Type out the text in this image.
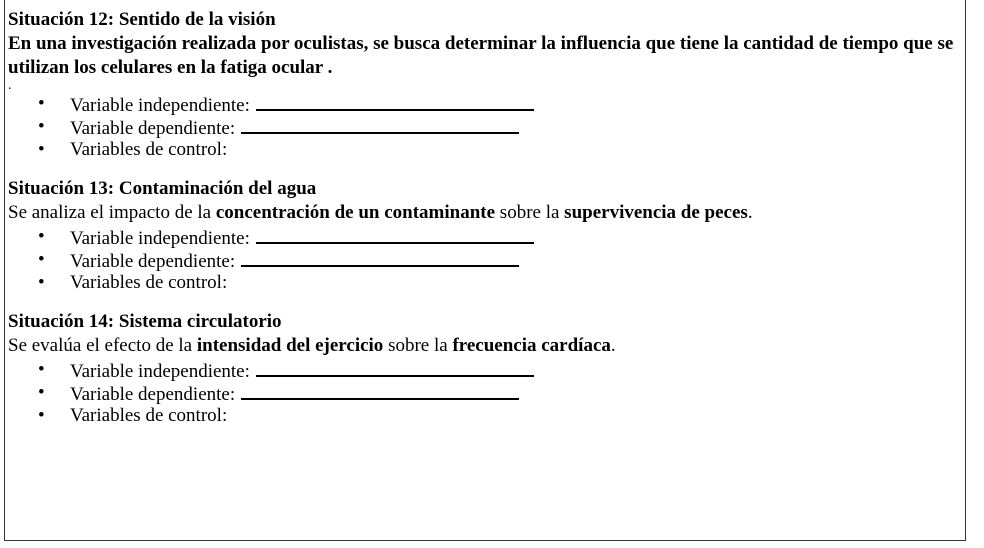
Situación 12: Sentido de la visión

En una investigación realizada por oculistas, se busca determinar la influencia que tiene la cantidad de tiempo que se utilizan los celulares en la fatiga ocular .

.

• Variable independiente:
• Variable dependiente:
• Variables de control:

Situación 13: Contaminación del agua

Se analiza el impacto de la concentración de un contaminante sobre la supervivencia de peces.

• Variable independiente:
• Variable dependiente:
• Variables de control:

Situación 14: Sistema circulatorio

Se evalúa el efecto de la intensidad del ejercicio sobre la frecuencia cardíaca.

• Variable independiente:
• Variable dependiente:
• Variables de control:
